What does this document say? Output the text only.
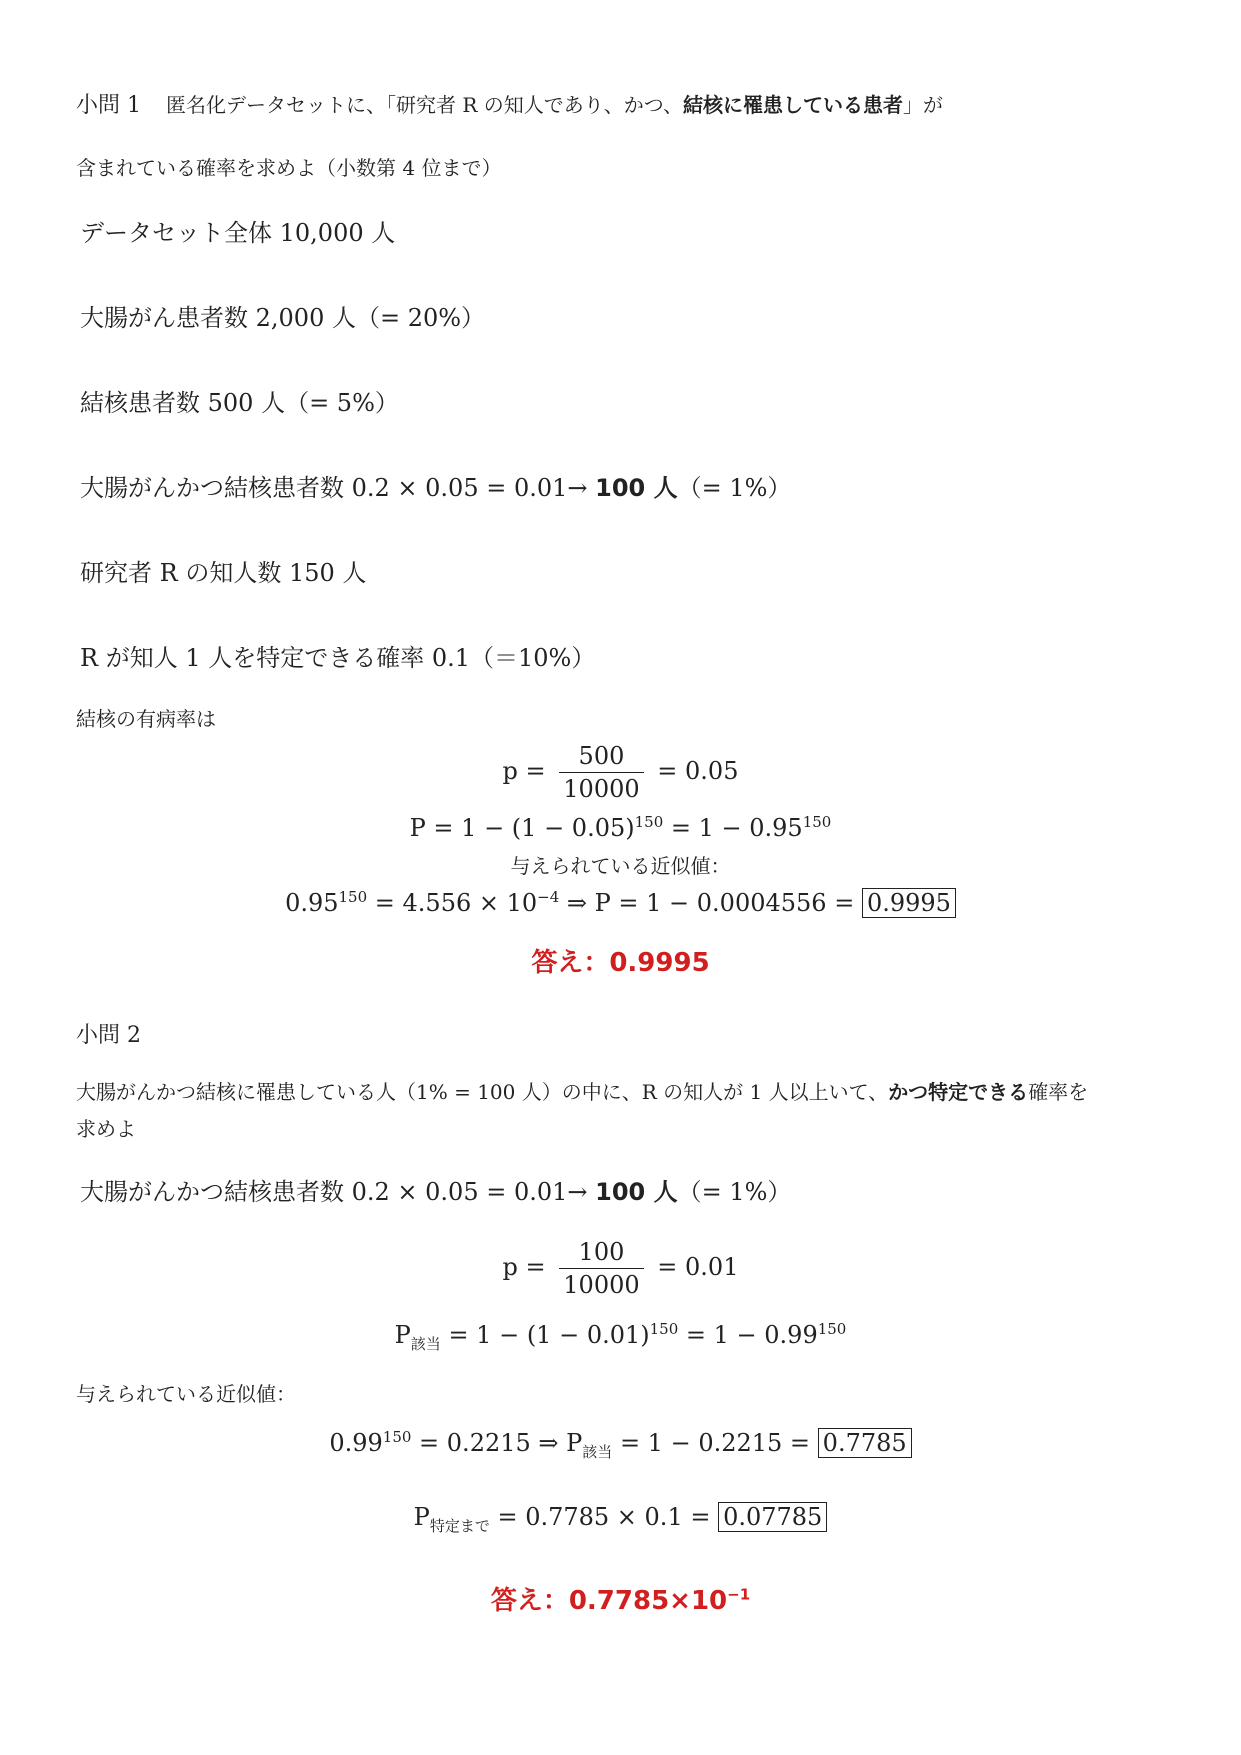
小問 1 匿名化データセットに、「研究者 R の知人であり、かつ、結核に罹患している患者」が
含まれている確率を求めよ（小数第 4 位まで）
データセット全体 10,000 人
大腸がん患者数 2,000 人（= 20%）
結核患者数 500 人（= 5%）
大腸がんかつ結核患者数 0.2 × 0.05 = 0.01→ 100 人（= 1%）
研究者 R の知人数 150 人
R が知人 1 人を特定できる確率 0.1（＝10%）
結核の有病率は
$p = \frac{500}{10000} = 0.05$
$P = 1 - (1 - 0.05)^{150} = 1 - 0.95^{150}$
与えられている近似値：
$0.95^{150} = 4.556 \times 10^{-4}$ ⇒ P = 1 − 0.0004556 = 0.9995
答え：0.9995
小問 2
大腸がんかつ結核に罹患している人（1% = 100 人）の中に、R の知人が 1 人以上いて、かつ特定できる確率を
求めよ
大腸がんかつ結核患者数 0.2 × 0.05 = 0.01→ 100 人（= 1%）
$p = \frac{100}{10000} = 0.01$
$P_{該当} = 1 - (1 - 0.01)^{150} = 1 - 0.99^{150}$
与えられている近似値：
$0.99^{150} = 0.2215$ ⇒ $P_{該当} = 1 - 0.2215 = 0.7785$
$P_{特定まで} = 0.7785 \times 0.1 = 0.07785$
答え：$0.7785\times 10^{-1}$
